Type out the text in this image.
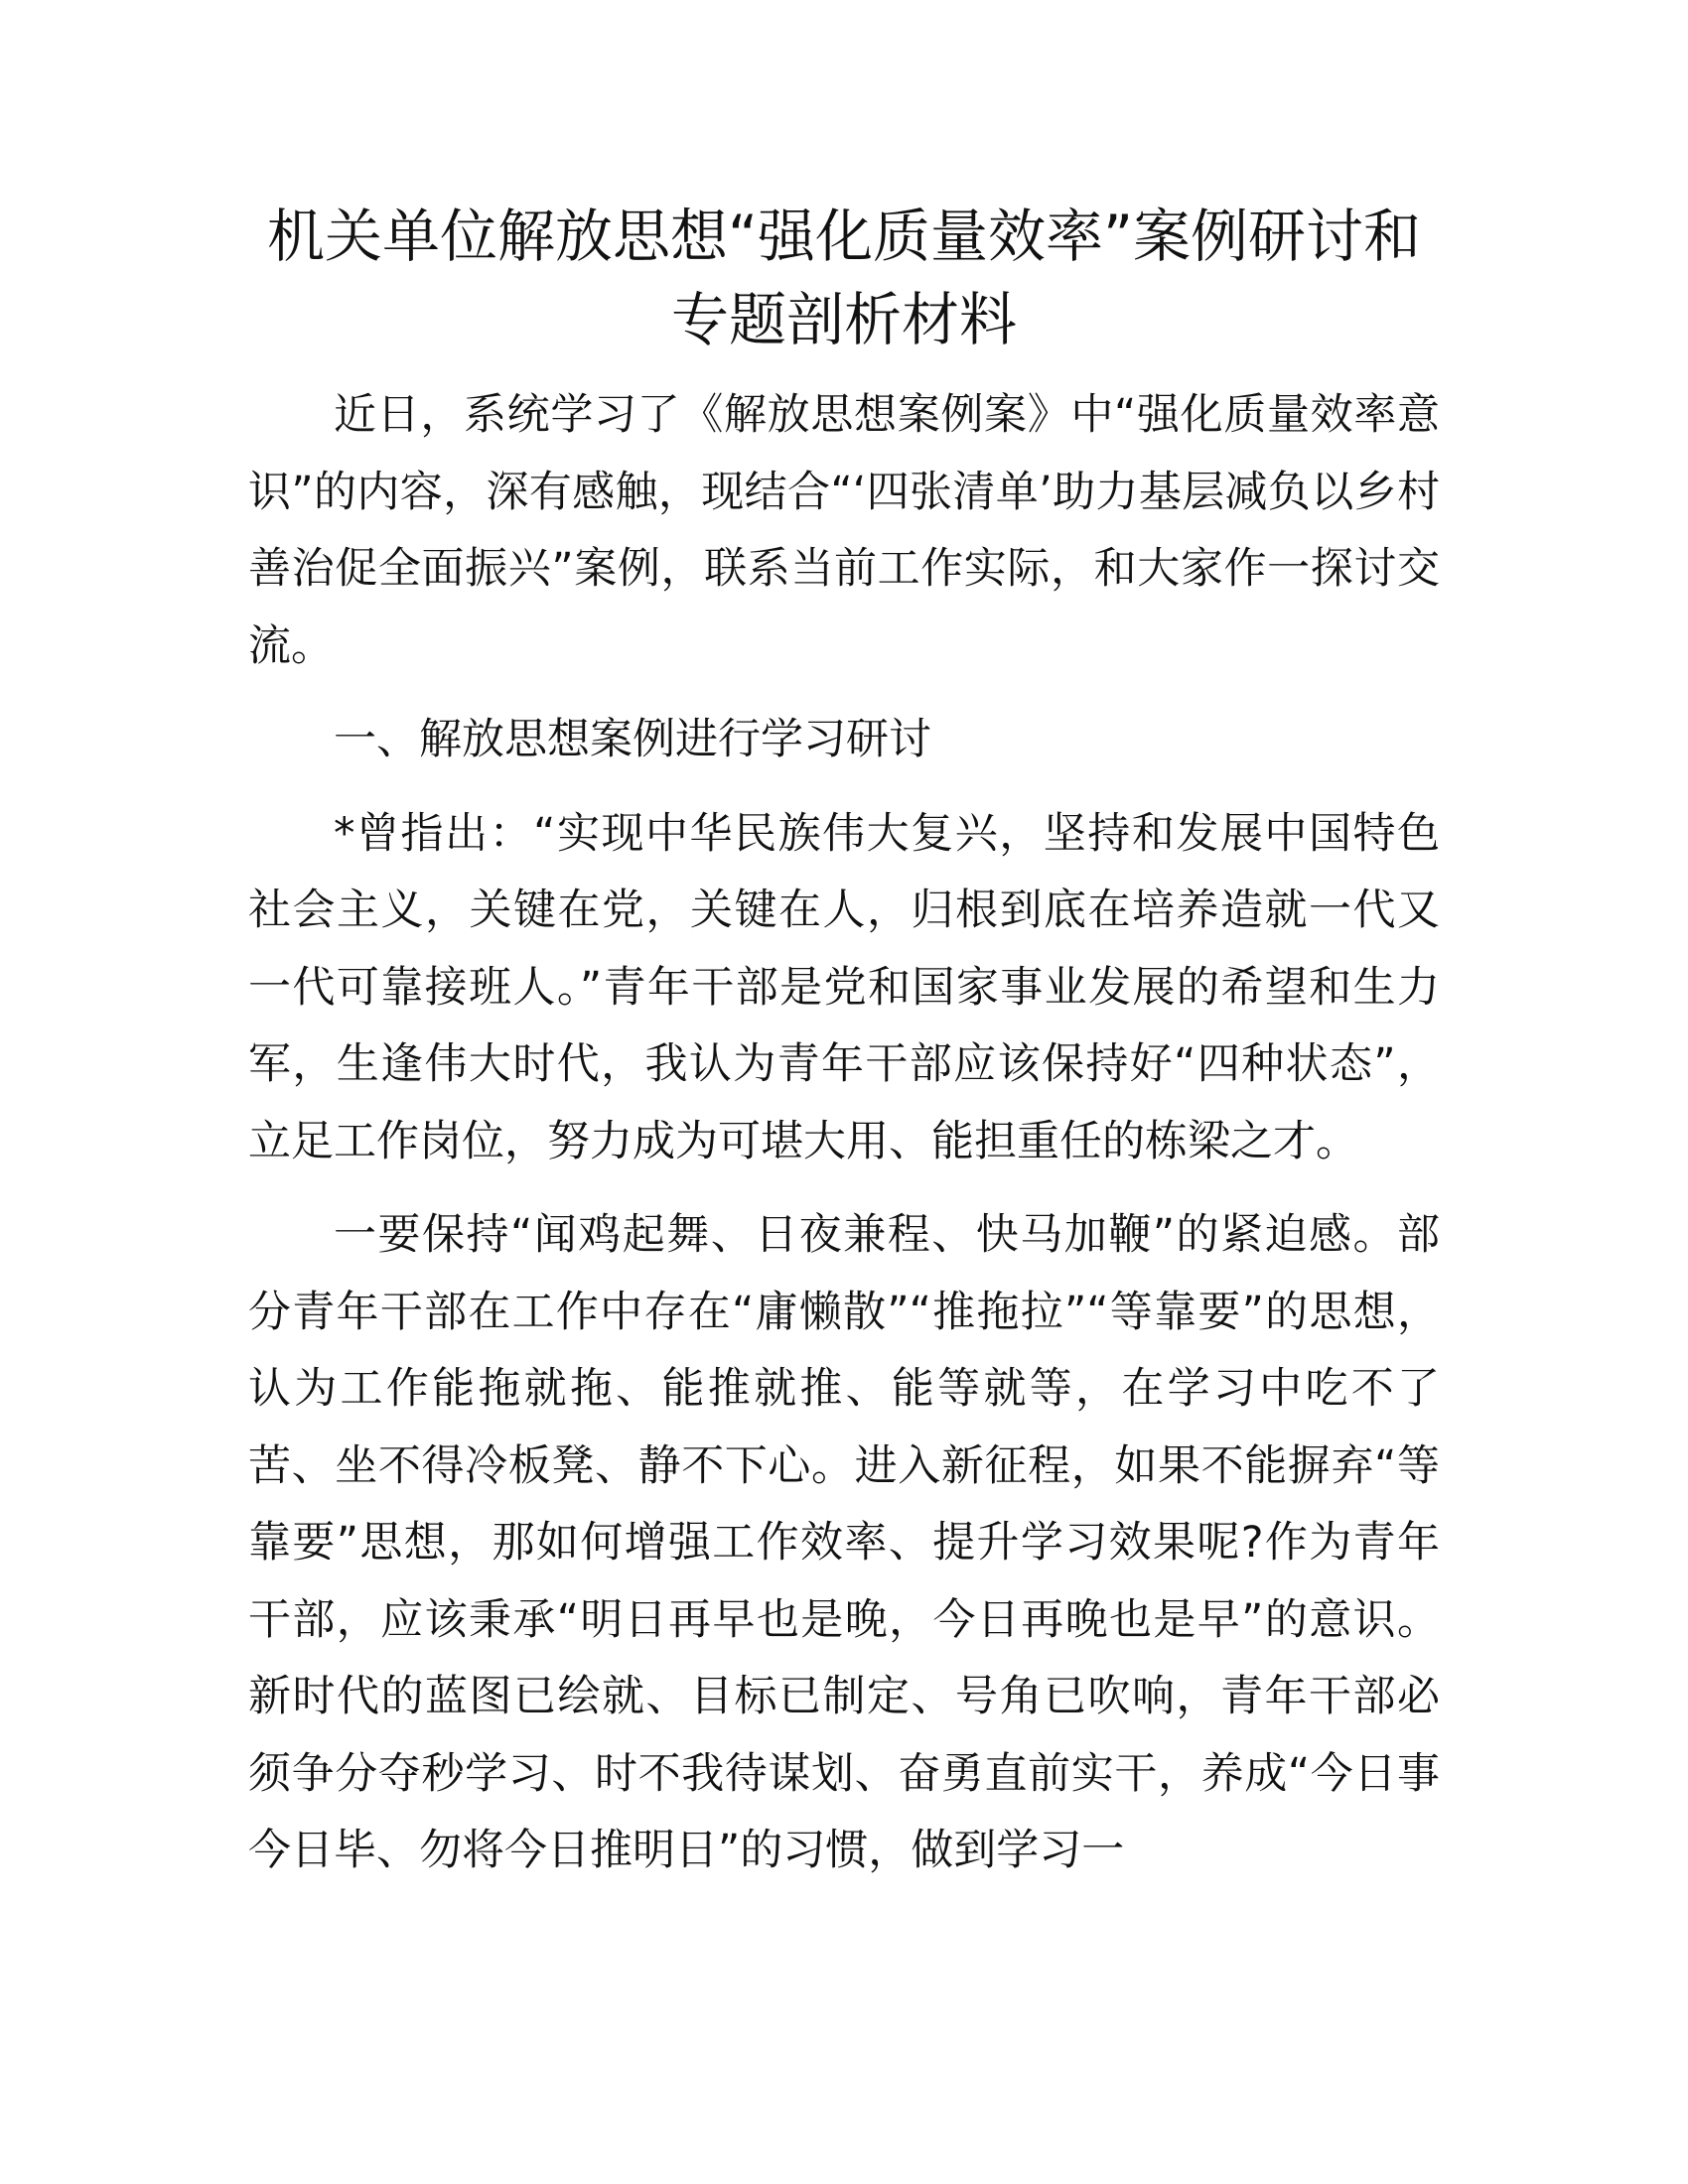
机关单位解放思想“强化质量效率”案例研讨和专题剖析材料

近日，系统学习了《解放思想案例案》中“强化质量效率意识”的内容，深有感触，现结合“‘四张清单’助力基层减负以乡村善治促全面振兴”案例，联系当前工作实际，和大家作一探讨交流。

一、解放思想案例进行学习研讨

*曾指出：“实现中华民族伟大复兴，坚持和发展中国特色社会主义，关键在党，关键在人，归根到底在培养造就一代又一代可靠接班人。”青年干部是党和国家事业发展的希望和生力军，生逢伟大时代，我认为青年干部应该保持好“四种状态”，立足工作岗位，努力成为可堪大用、能担重任的栋梁之才。

一要保持“闻鸡起舞、日夜兼程、快马加鞭”的紧迫感。部分青年干部在工作中存在“庸懒散”“推拖拉”“等靠要”的思想，认为工作能拖就拖、能推就推、能等就等，在学习中吃不了苦、坐不得冷板凳、静不下心。进入新征程，如果不能摒弃“等靠要”思想，那如何增强工作效率、提升学习效果呢?作为青年干部，应该秉承“明日再早也是晚，今日再晚也是早”的意识。新时代的蓝图已绘就、目标已制定、号角已吹响，青年干部必须争分夺秒学习、时不我待谋划、奋勇直前实干，养成“今日事今日毕、勿将今日推明日”的习惯，做到学习一
